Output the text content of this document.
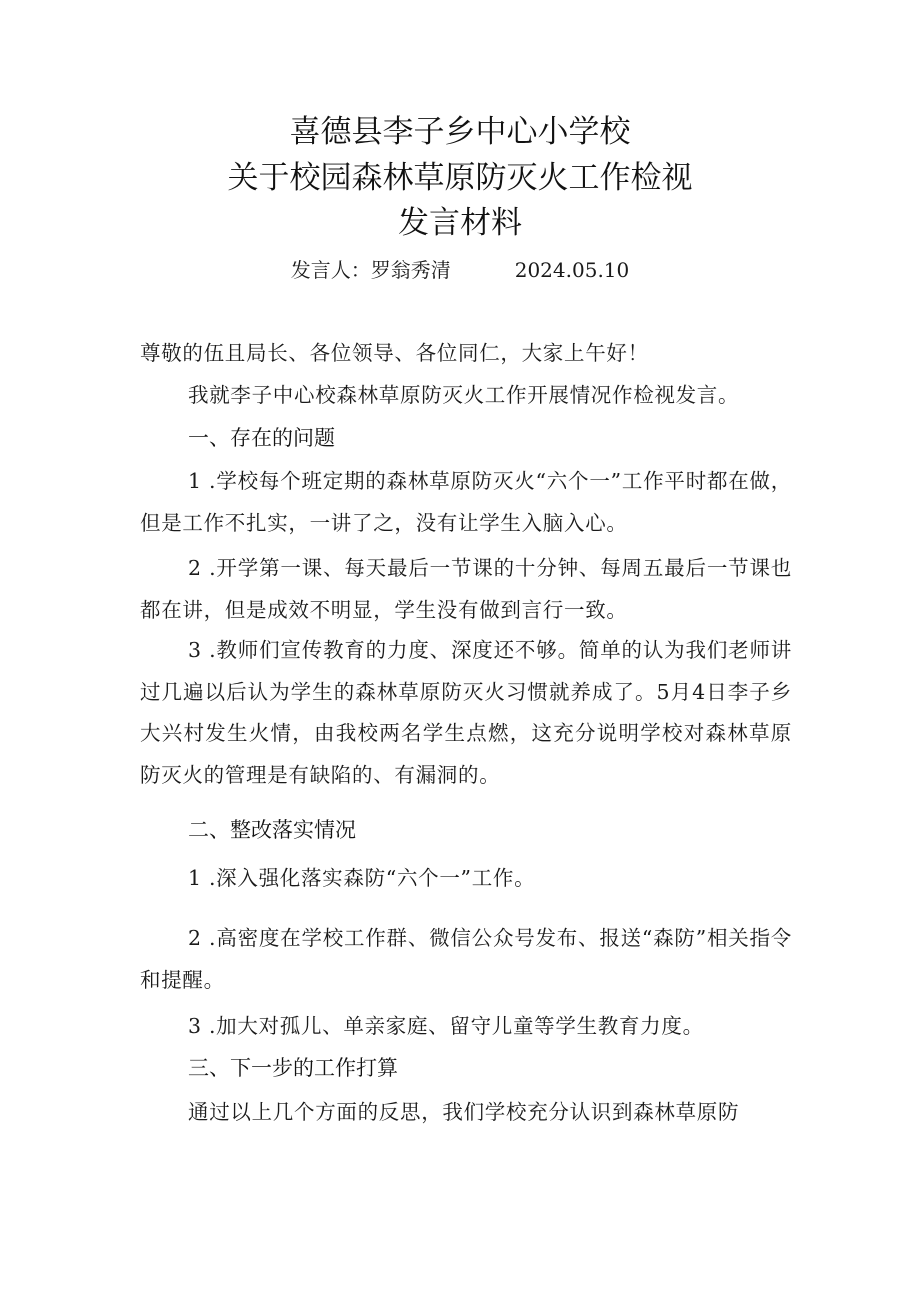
喜德县李子乡中心小学校
关于校园森林草原防灭火工作检视
发言材料
发言人：罗翁秀清	2024.05.10

尊敬的伍且局长、各位领导、各位同仁，大家上午好！

我就李子中心校森林草原防灭火工作开展情况作检视发言。

一、存在的问题

1 .学校每个班定期的森林草原防灭火“六个一”工作平时都在做，但是工作不扎实，一讲了之，没有让学生入脑入心。

2 .开学第一课、每天最后一节课的十分钟、每周五最后一节课也都在讲，但是成效不明显，学生没有做到言行一致。

3 .教师们宣传教育的力度、深度还不够。简单的认为我们老师讲过几遍以后认为学生的森林草原防灭火习惯就养成了。5月4日李子乡大兴村发生火情，由我校两名学生点燃，这充分说明学校对森林草原防灭火的管理是有缺陷的、有漏洞的。

二、整改落实情况

1 .深入强化落实森防“六个一”工作。

2 .高密度在学校工作群、微信公众号发布、报送“森防”相关指令和提醒。

3 .加大对孤儿、单亲家庭、留守儿童等学生教育力度。

三、下一步的工作打算

通过以上几个方面的反思，我们学校充分认识到森林草原防
